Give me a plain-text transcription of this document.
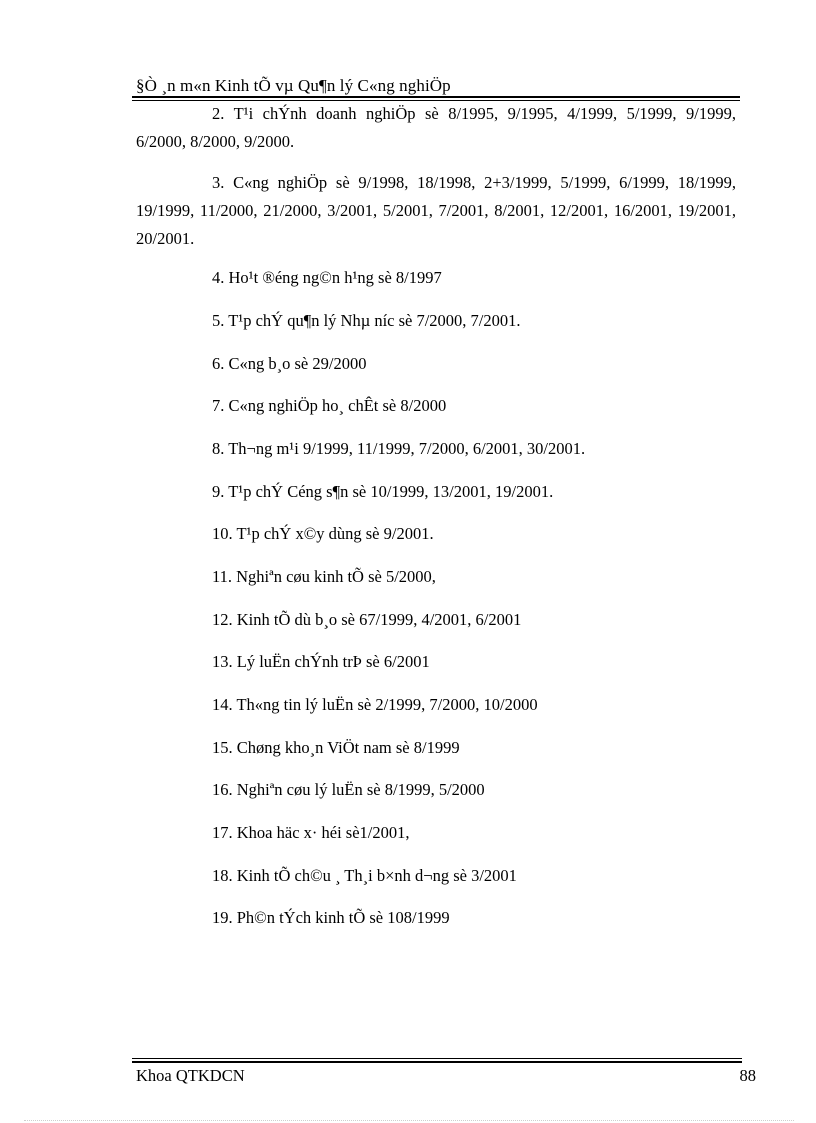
§Ò ¸n m«n Kinh tÕ vµ Qu¶n lý C«ng nghiÖp
2. T¹i chÝnh doanh nghiÖp sè 8/1995, 9/1995, 4/1999, 5/1999, 9/1999, 6/2000, 8/2000, 9/2000.
3. C«ng nghiÖp sè 9/1998, 18/1998, 2+3/1999, 5/1999, 6/1999, 18/1999, 19/1999, 11/2000, 21/2000, 3/2001, 5/2001, 7/2001, 8/2001, 12/2001, 16/2001, 19/2001, 20/2001.
4. Ho¹t ®éng ng©n h¹ng sè 8/1997
5. T¹p chÝ qu¶n lý Nhµ níc sè 7/2000, 7/2001.
6. C«ng b¸o sè 29/2000
7. C«ng nghiÖp ho¸ chÊt sè 8/2000
8. Th¬ng m¹i 9/1999, 11/1999, 7/2000, 6/2001, 30/2001.
9. T¹p chÝ Céng s¶n sè 10/1999, 13/2001, 19/2001.
10. T¹p chÝ x©y dùng sè 9/2001.
11. Nghiªn cøu kinh tÕ sè 5/2000,
12. Kinh tÕ dù b¸o sè 67/1999, 4/2001, 6/2001
13. Lý luËn chÝnh trÞ sè 6/2001
14. Th«ng tin lý luËn sè 2/1999, 7/2000, 10/2000
15. Chøng kho¸n ViÖt nam sè 8/1999
16. Nghiªn cøu lý luËn sè 8/1999, 5/2000
17. Khoa häc x· héi sè1/2001,
18. Kinh tÕ ch©u ¸ Th¸i b×nh d¬ng sè 3/2001
19. Ph©n tÝch kinh tÕ sè 108/1999
Khoa QTKDCN	88
